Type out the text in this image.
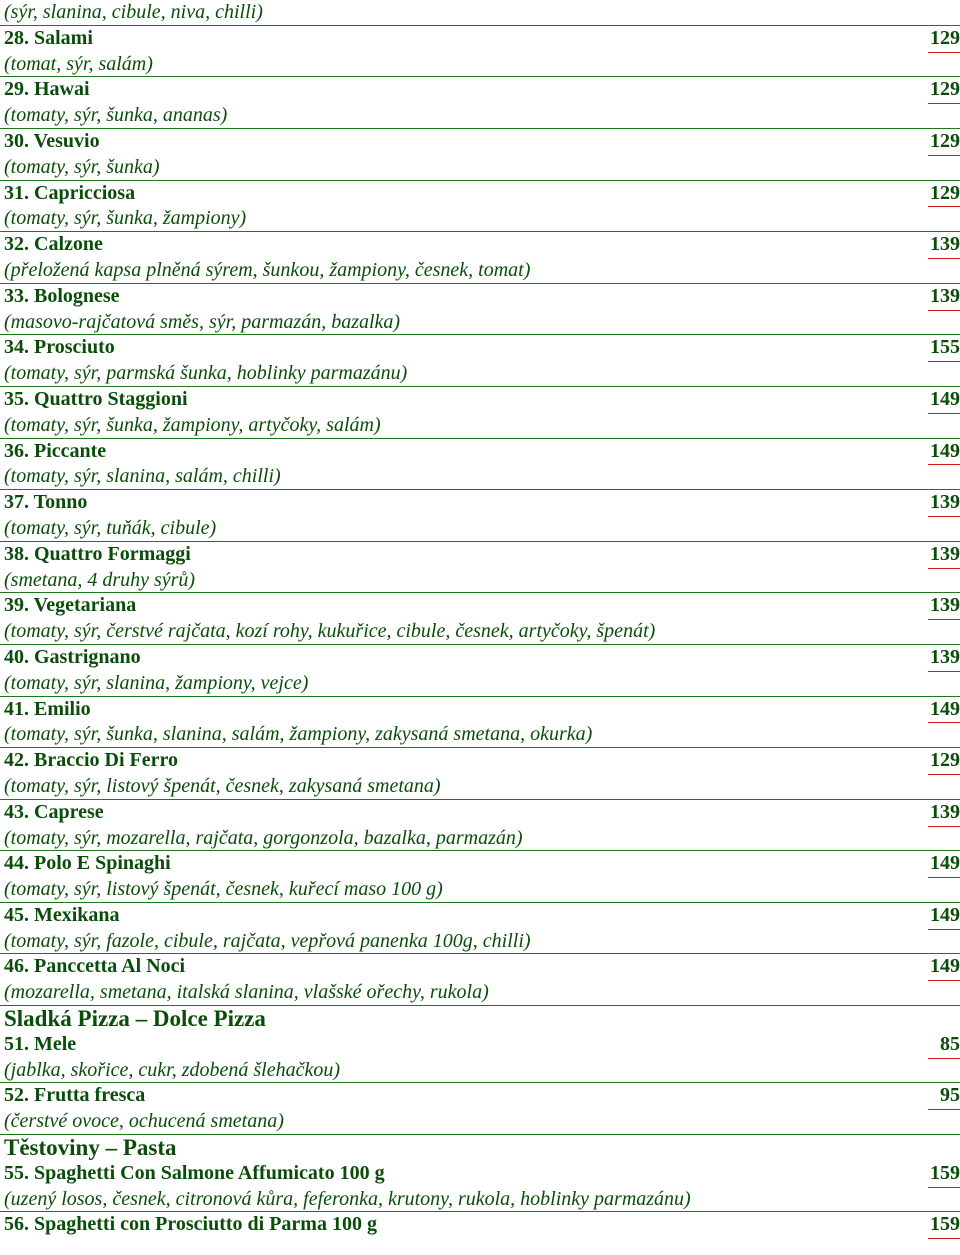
(sýr, slanina, cibule, niva, chilli)
28. Salami	129
(tomat, sýr, salám)
29. Hawai	129
(tomaty, sýr, šunka, ananas)
30. Vesuvio	129
(tomaty, sýr, šunka)
31. Capricciosa	129
(tomaty, sýr, šunka, žampiony)
32. Calzone	139
(přeložená kapsa plněná sýrem, šunkou, žampiony, česnek, tomat)
33. Bolognese	139
(masovo-rajčatová směs, sýr, parmazán, bazalka)
34. Prosciuto	155
(tomaty, sýr, parmská šunka, hoblinky parmazánu)
35. Quattro Staggioni	149
(tomaty, sýr, šunka, žampiony, artyčoky, salám)
36. Piccante	149
(tomaty, sýr, slanina, salám, chilli)
37. Tonno	139
(tomaty, sýr, tuňák, cibule)
38. Quattro Formaggi	139
(smetana, 4 druhy sýrů)
39. Vegetariana	139
(tomaty, sýr, čerstvé rajčata, kozí rohy, kukuřice, cibule, česnek, artyčoky, špenát)
40. Gastrignano	139
(tomaty, sýr, slanina, žampiony, vejce)
41. Emilio	149
(tomaty, sýr, šunka, slanina, salám, žampiony, zakysaná smetana, okurka)
42. Braccio Di Ferro	129
(tomaty, sýr, listový špenát, česnek, zakysaná smetana)
43. Caprese	139
(tomaty, sýr, mozarella, rajčata, gorgonzola, bazalka, parmazán)
44. Polo E Spinaghi	149
(tomaty, sýr, listový špenát, česnek, kuřecí maso 100 g)
45. Mexikana	149
(tomaty, sýr, fazole, cibule, rajčata, vepřová panenka 100g, chilli)
46. Panccetta Al Noci	149
(mozarella, smetana, italská slanina, vlašské ořechy, rukola)
Sladká Pizza – Dolce Pizza
51. Mele	85
(jablka, skořice, cukr, zdobená šlehačkou)
52. Frutta fresca	95
(čerstvé ovoce, ochucená smetana)
Těstoviny – Pasta
55. Spaghetti Con Salmone Affumicato 100 g	159
(uzený losos, česnek, citronová kůra, feferonka, krutony, rukola, hoblinky parmazánu)
56. Spaghetti con Prosciutto di Parma 100 g	159
